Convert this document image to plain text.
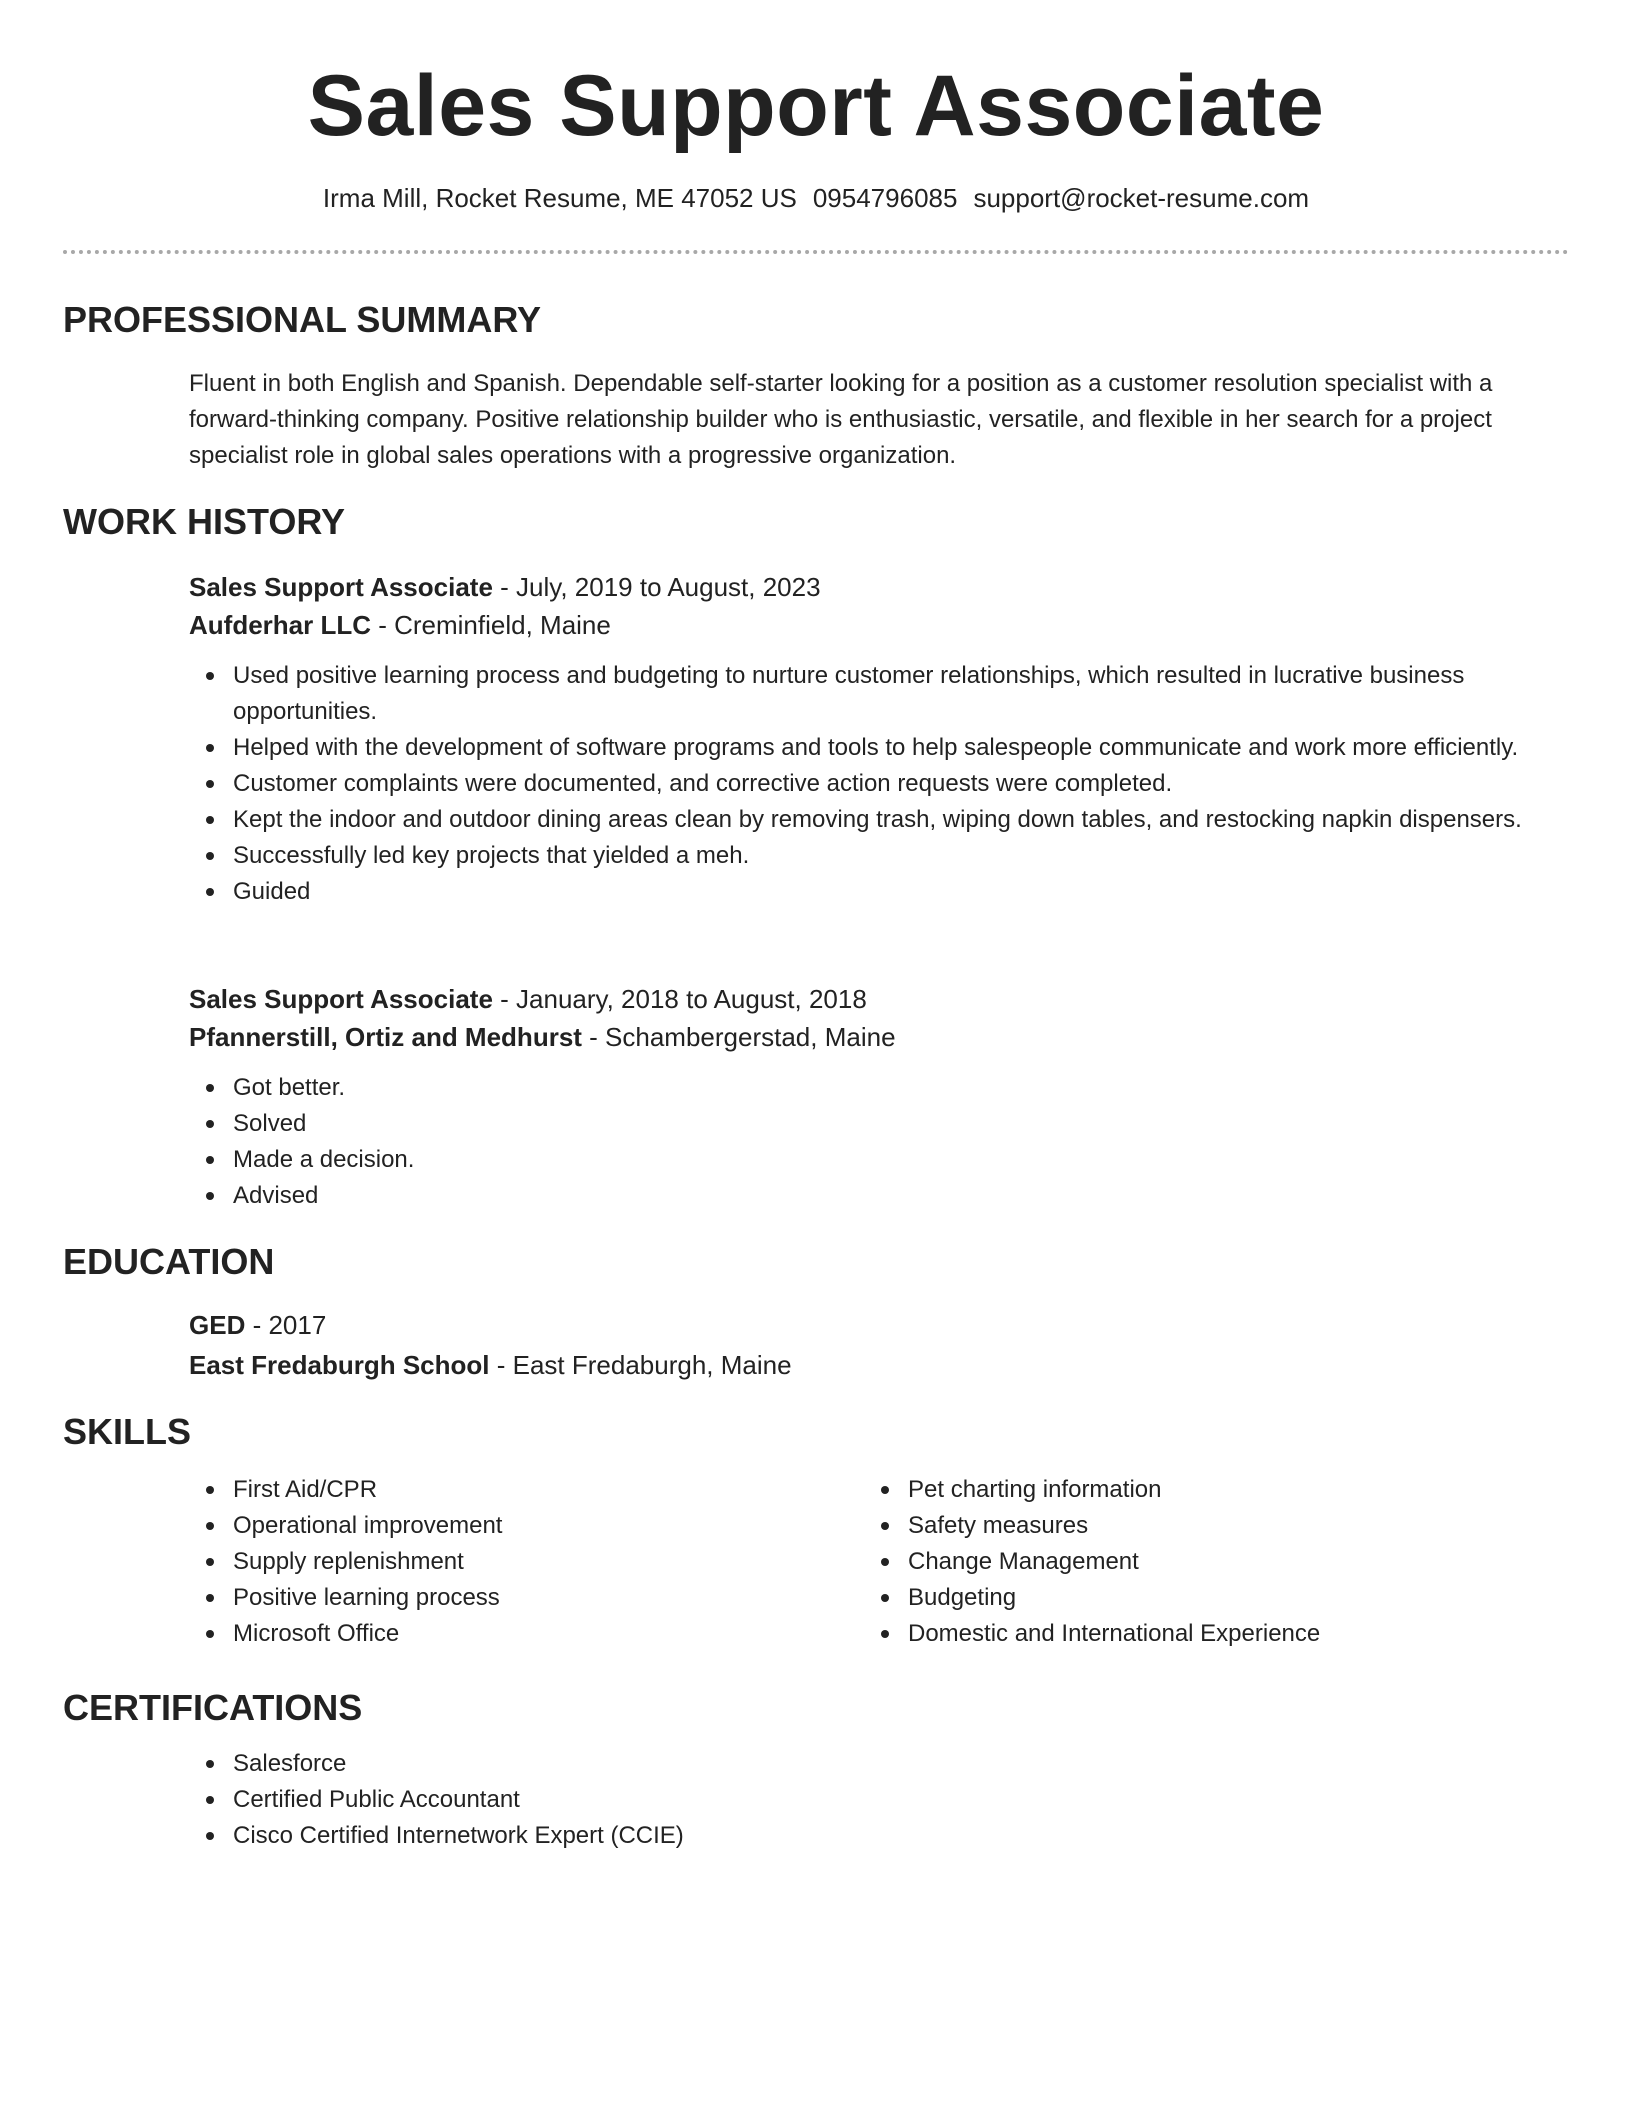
Sales Support Associate
Irma Mill, Rocket Resume, ME 47052 US 0954796085 support@rocket-resume.com
PROFESSIONAL SUMMARY
Fluent in both English and Spanish. Dependable self-starter looking for a position as a customer resolution specialist with a forward-thinking company. Positive relationship builder who is enthusiastic, versatile, and flexible in her search for a project specialist role in global sales operations with a progressive organization.
WORK HISTORY
Sales Support Associate - July, 2019 to August, 2023
Aufderhar LLC - Creminfield, Maine
Used positive learning process and budgeting to nurture customer relationships, which resulted in lucrative business opportunities.
Helped with the development of software programs and tools to help salespeople communicate and work more efficiently.
Customer complaints were documented, and corrective action requests were completed.
Kept the indoor and outdoor dining areas clean by removing trash, wiping down tables, and restocking napkin dispensers.
Successfully led key projects that yielded a meh.
Guided
Sales Support Associate - January, 2018 to August, 2018
Pfannerstill, Ortiz and Medhurst - Schambergerstad, Maine
Got better.
Solved
Made a decision.
Advised
EDUCATION
GED - 2017
East Fredaburgh School - East Fredaburgh, Maine
SKILLS
First Aid/CPR
Operational improvement
Supply replenishment
Positive learning process
Microsoft Office
Pet charting information
Safety measures
Change Management
Budgeting
Domestic and International Experience
CERTIFICATIONS
Salesforce
Certified Public Accountant
Cisco Certified Internetwork Expert (CCIE)
